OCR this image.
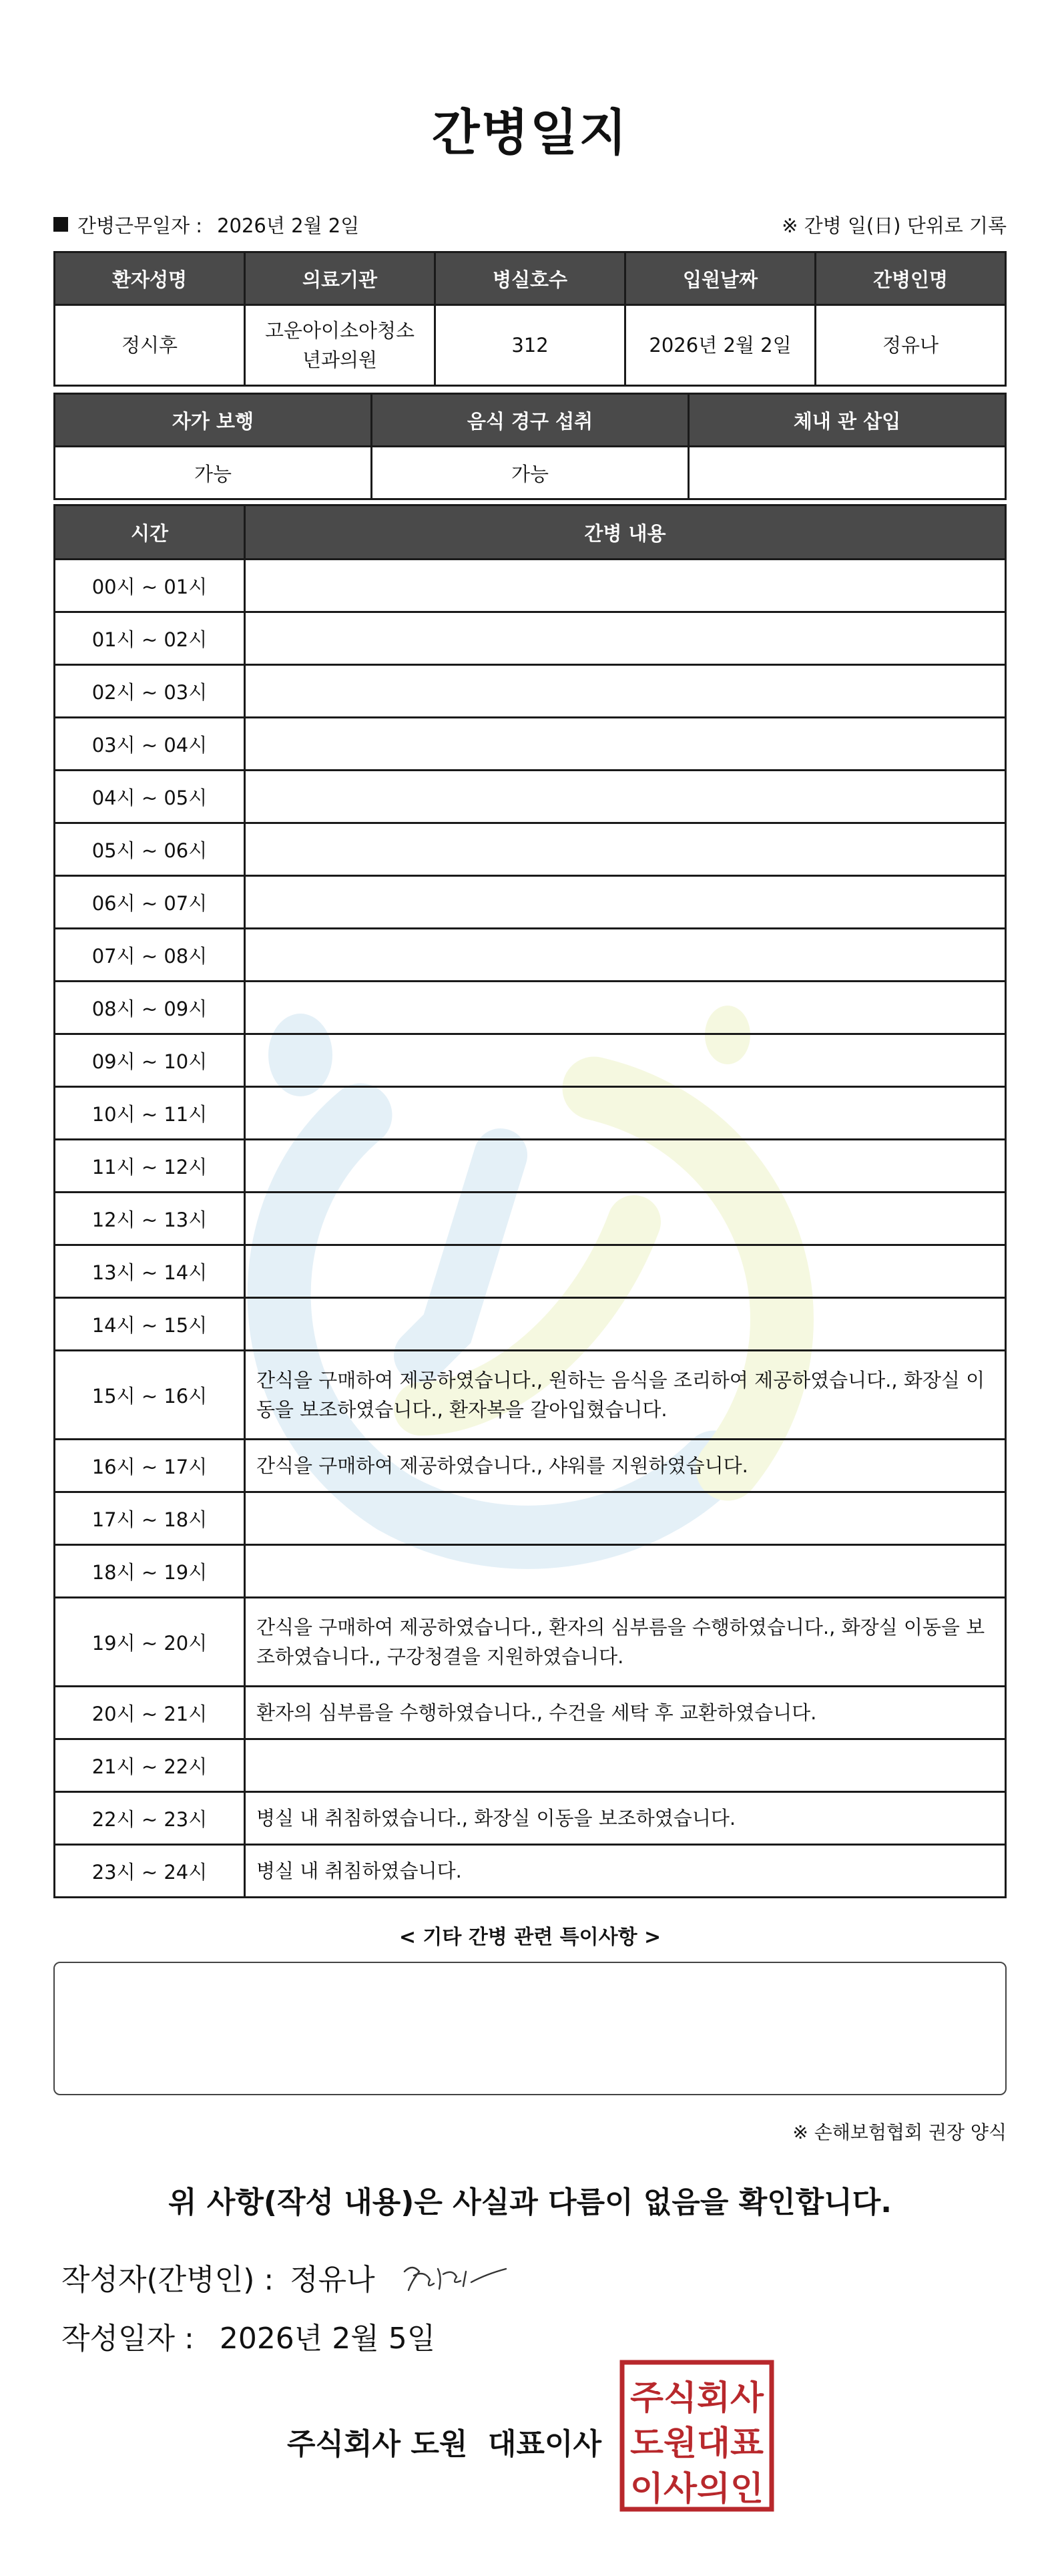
간병일지
간병근무일자 : 2026년 2월 2일	※ 간병 일(日) 단위로 기록
환자성명	의료기관	병실호수	입원날짜	간병인명
정시후	고운아이소아청소년과의원	312	2026년 2월 2일	정유나
자가 보행	음식 경구 섭취	체내 관 삽입
가능	가능	
시간	간병 내용
00시 ~ 01시	
01시 ~ 02시	
02시 ~ 03시	
03시 ~ 04시	
04시 ~ 05시	
05시 ~ 06시	
06시 ~ 07시	
07시 ~ 08시	
08시 ~ 09시	
09시 ~ 10시	
10시 ~ 11시	
11시 ~ 12시	
12시 ~ 13시	
13시 ~ 14시	
14시 ~ 15시	
15시 ~ 16시	간식을 구매하여 제공하였습니다., 원하는 음식을 조리하여 제공하였습니다., 화장실 이동을 보조하였습니다., 환자복을 갈아입혔습니다.
16시 ~ 17시	간식을 구매하여 제공하였습니다., 샤워를 지원하였습니다.
17시 ~ 18시	
18시 ~ 19시	
19시 ~ 20시	간식을 구매하여 제공하였습니다., 환자의 심부름을 수행하였습니다., 화장실 이동을 보조하였습니다., 구강청결을 지원하였습니다.
20시 ~ 21시	환자의 심부름을 수행하였습니다., 수건을 세탁 후 교환하였습니다.
21시 ~ 22시	
22시 ~ 23시	병실 내 취침하였습니다., 화장실 이동을 보조하였습니다.
23시 ~ 24시	병실 내 취침하였습니다.
< 기타 간병 관련 특이사항 >
※ 손해보험협회 권장 양식
위 사항(작성 내용)은 사실과 다름이 없음을 확인합니다.
작성자(간병인) : 정유나
작성일자 : 2026년 2월 5일
주식회사 도원  대표이사
주식회사
도원대표
이사의인
